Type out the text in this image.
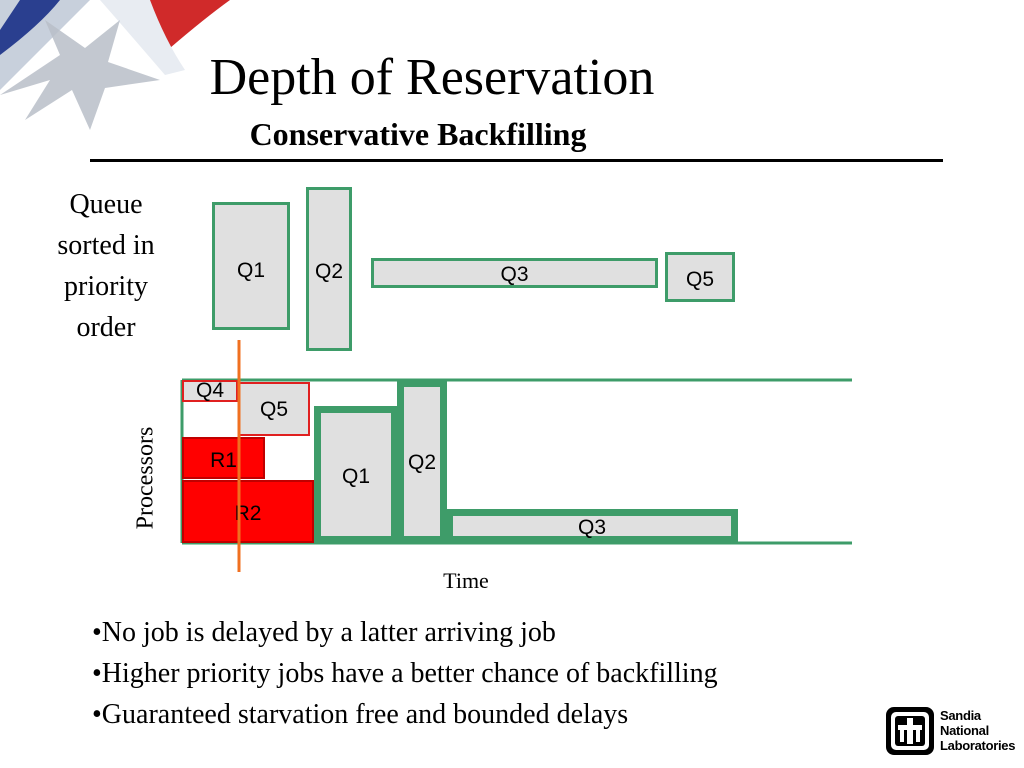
Depth of Reservation
Conservative Backfilling
Queue sorted in priority order
Processors
Time
Q1 Q2	Q3	Q5
R2
R1
Q4
Q5
Q1
Q2
Q3
•No job is delayed by a latter arriving job
•Higher priority jobs have a better chance of backfilling
•Guaranteed starvation free and bounded delays	Sandia
National
Laboratories
